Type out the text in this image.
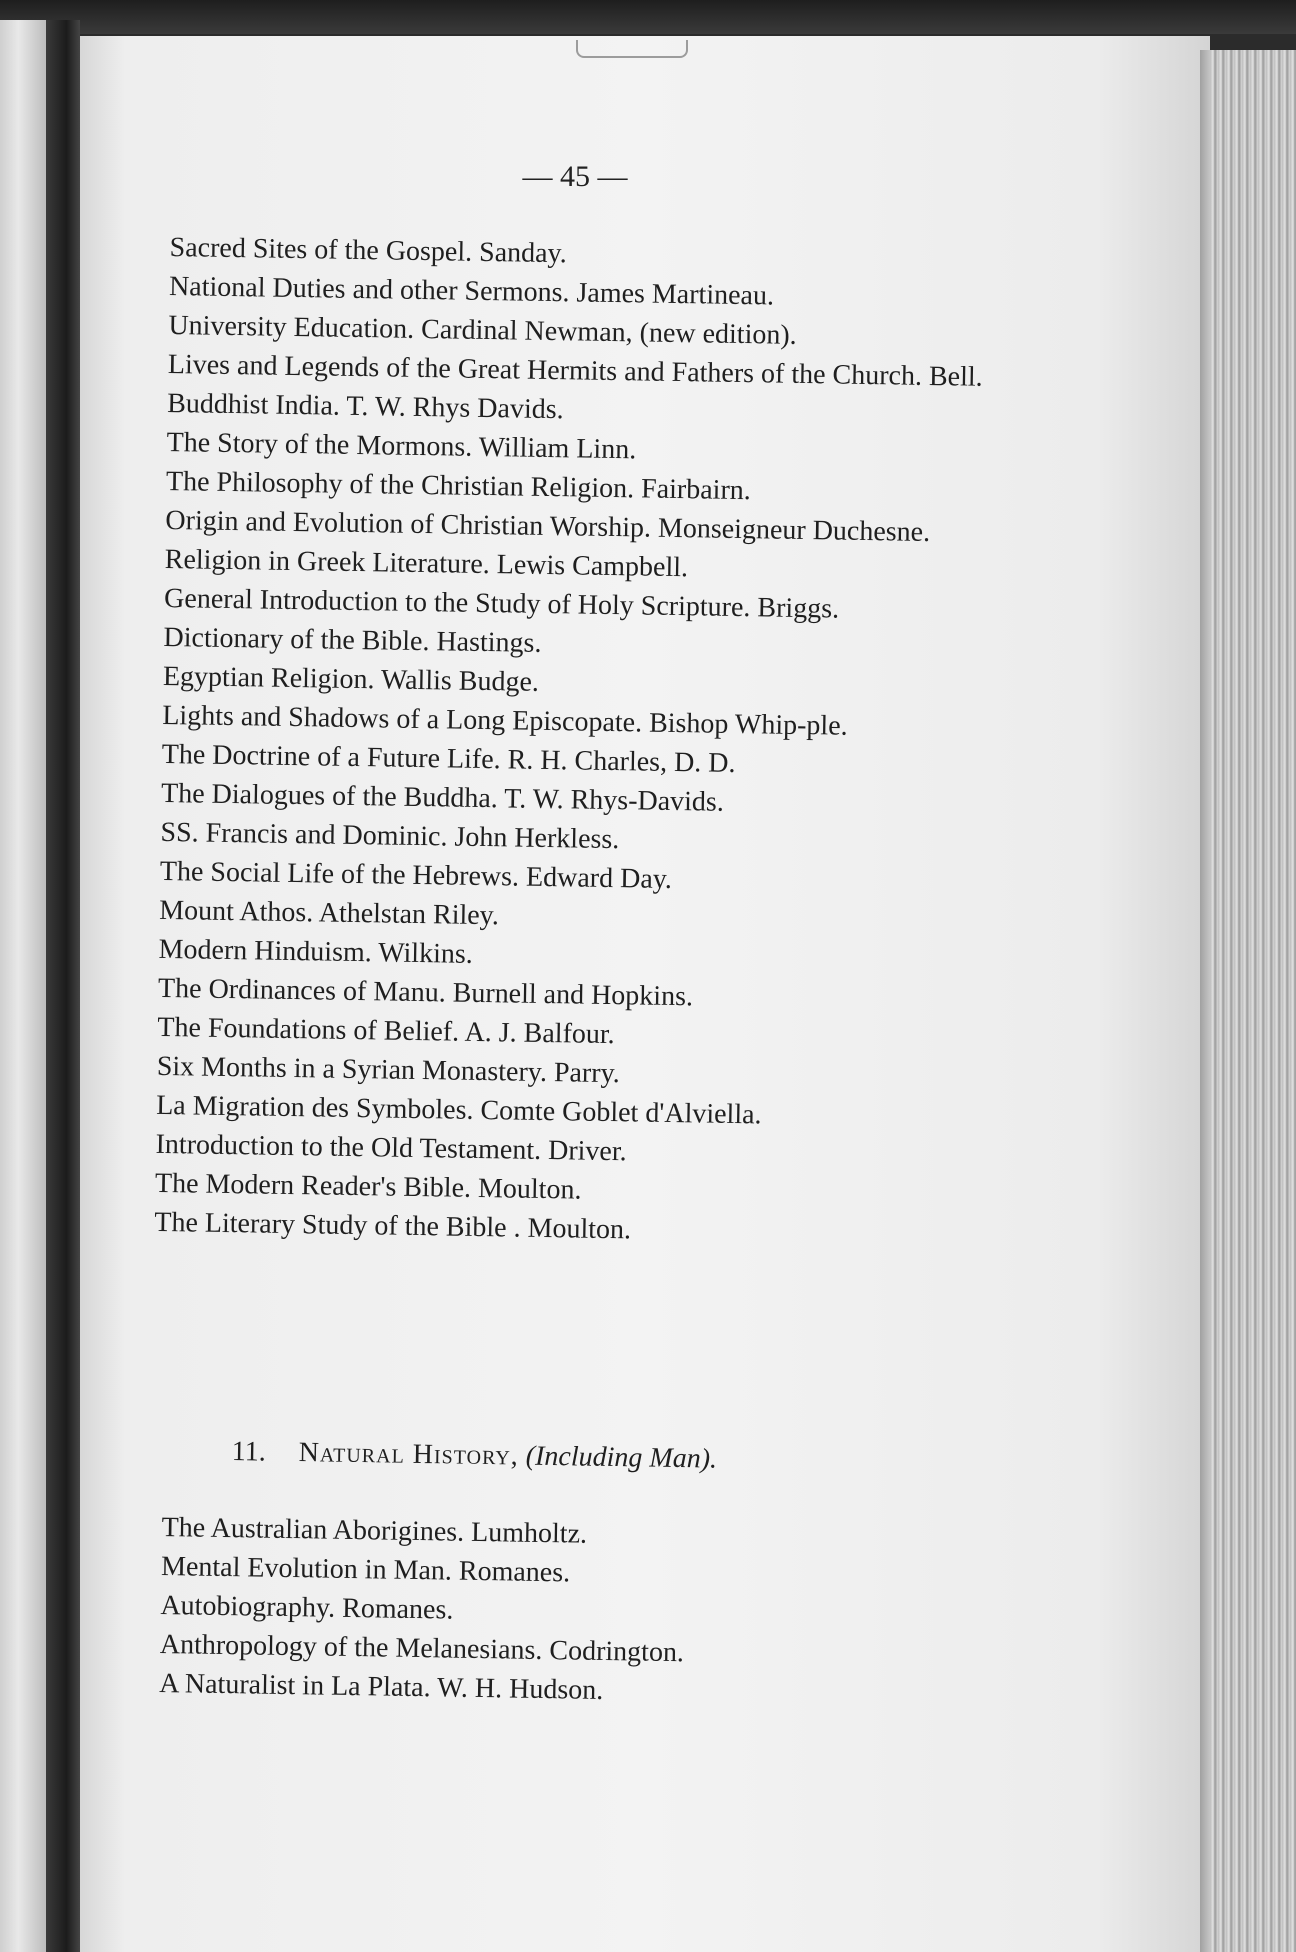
— 45 —
Sacred Sites of the Gospel. Sanday.
National Duties and other Sermons. James Martineau.
University Education. Cardinal Newman, (new edition).
Lives and Legends of the Great Hermits and Fathers of the Church. Bell.
Buddhist India. T. W. Rhys Davids.
The Story of the Mormons. William Linn.
The Philosophy of the Christian Religion. Fairbairn.
Origin and Evolution of Christian Worship. Monseigneur Duchesne.
Religion in Greek Literature. Lewis Campbell.
General Introduction to the Study of Holy Scripture. Briggs.
Dictionary of the Bible. Hastings.
Egyptian Religion. Wallis Budge.
Lights and Shadows of a Long Episcopate. Bishop Whip-ple.
The Doctrine of a Future Life. R. H. Charles, D. D.
The Dialogues of the Buddha. T. W. Rhys-Davids.
SS. Francis and Dominic. John Herkless.
The Social Life of the Hebrews. Edward Day.
Mount Athos. Athelstan Riley.
Modern Hinduism. Wilkins.
The Ordinances of Manu. Burnell and Hopkins.
The Foundations of Belief. A. J. Balfour.
Six Months in a Syrian Monastery. Parry.
La Migration des Symboles. Comte Goblet d'Alviella.
Introduction to the Old Testament. Driver.
The Modern Reader's Bible. Moulton.
The Literary Study of the Bible . Moulton.
11. Natural History, (Including Man).
The Australian Aborigines. Lumholtz.
Mental Evolution in Man. Romanes.
Autobiography. Romanes.
Anthropology of the Melanesians. Codrington.
A Naturalist in La Plata. W. H. Hudson.
